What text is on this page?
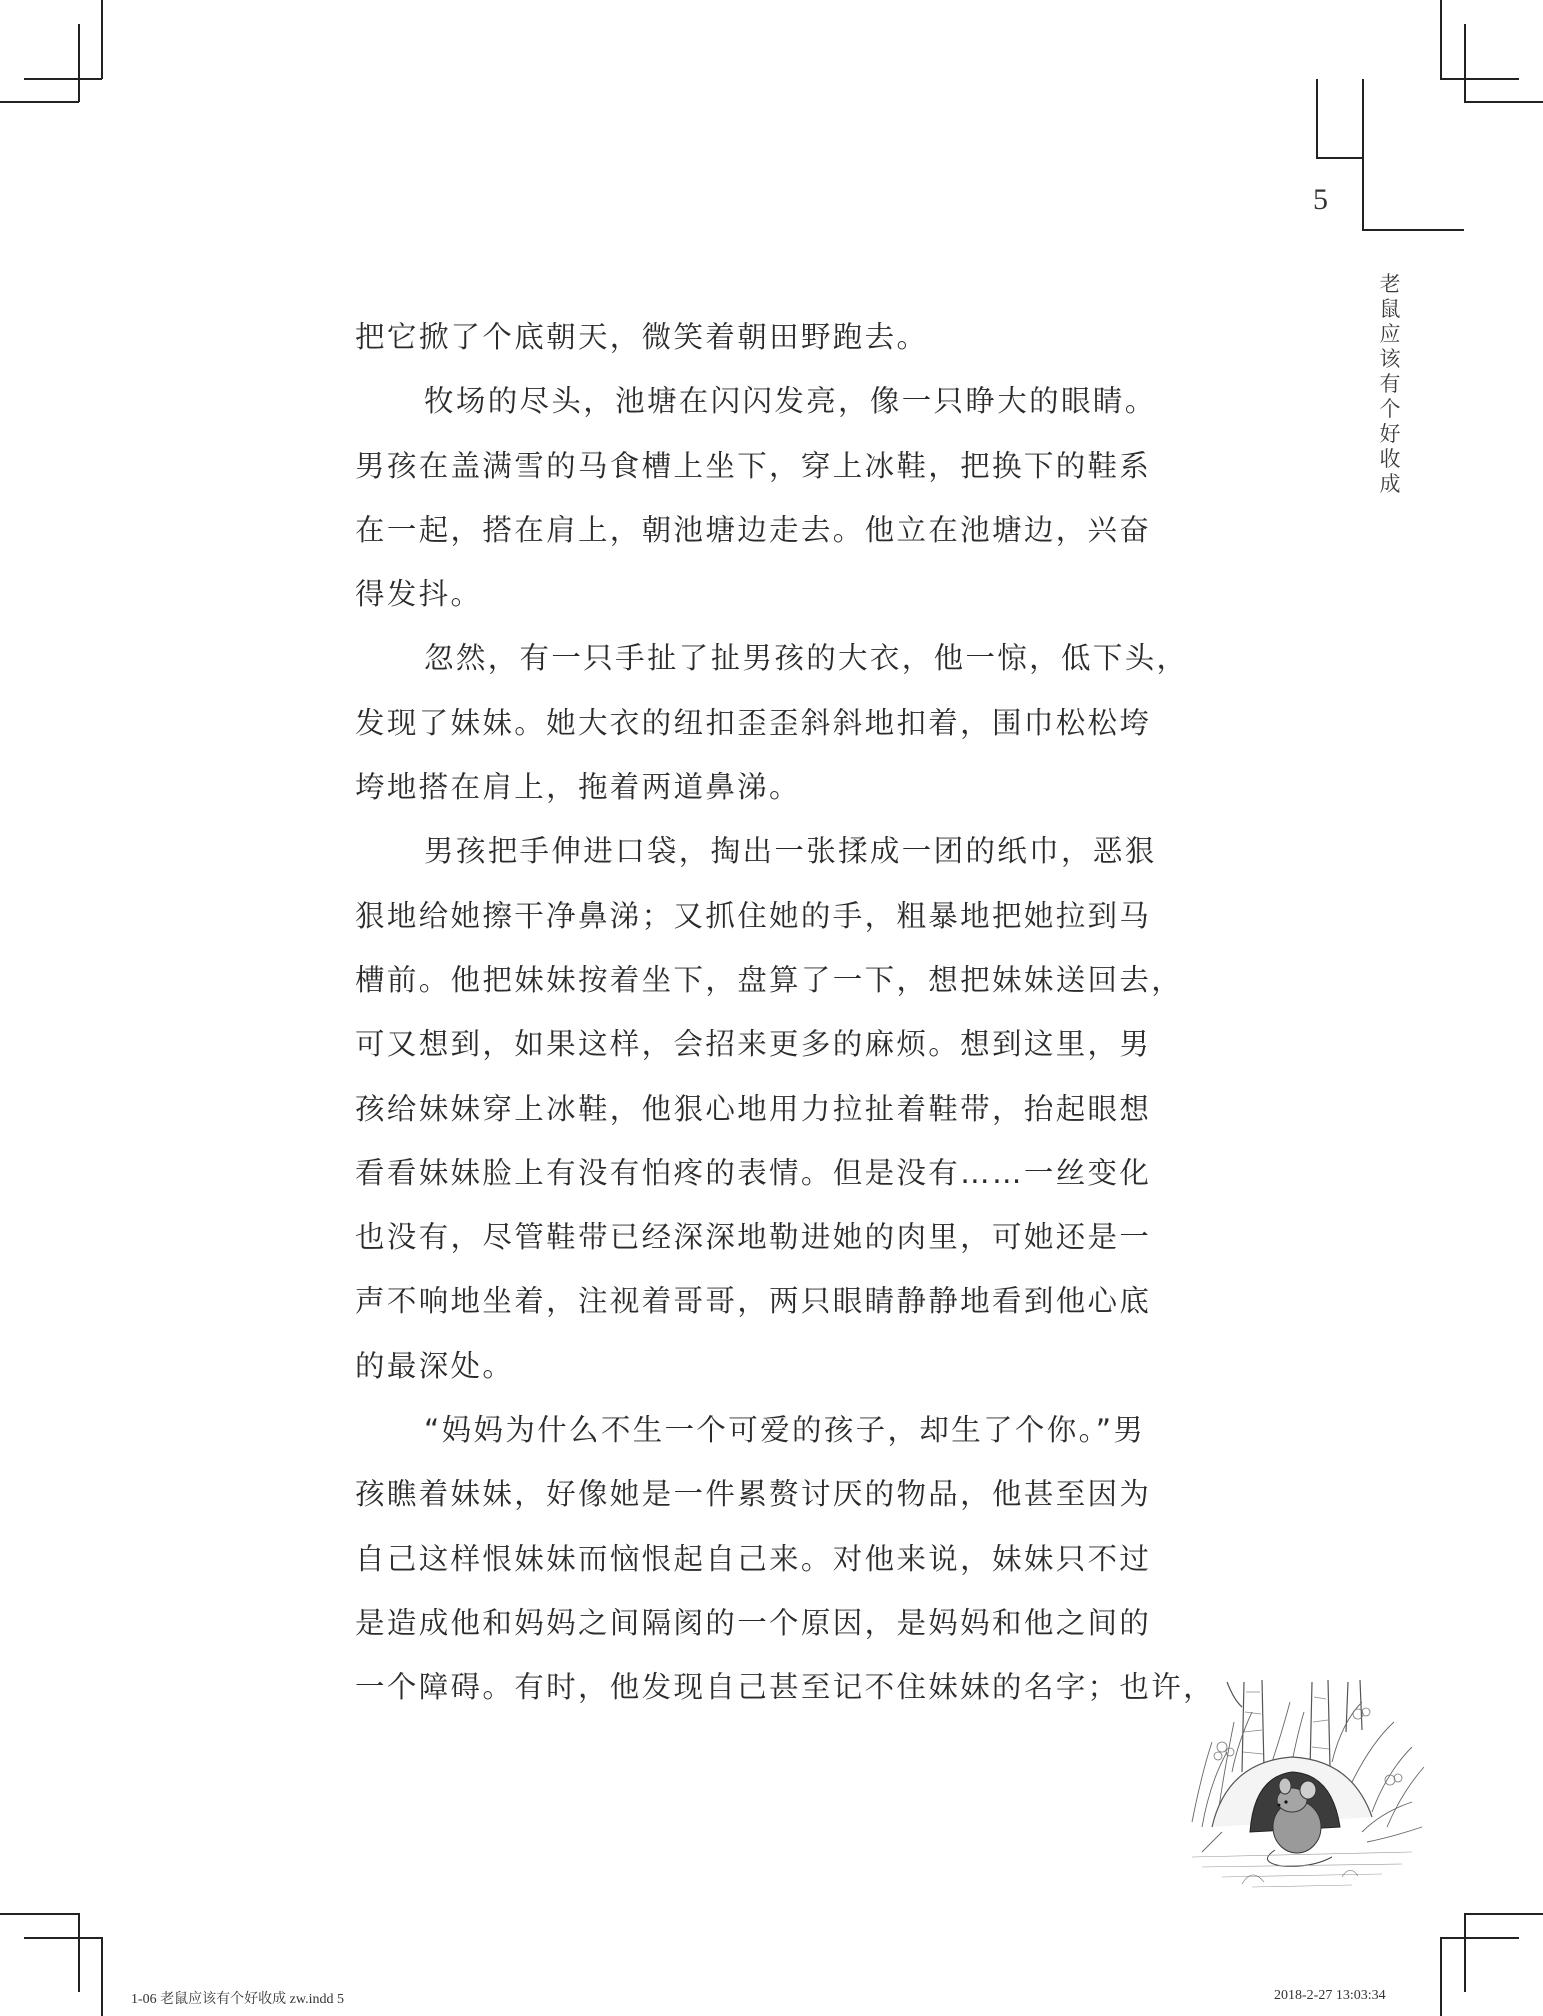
5
老鼠应该有个好收成
把它掀了个底朝天，微笑着朝田野跑去。
牧场的尽头，池塘在闪闪发亮，像一只睁大的眼睛。
男孩在盖满雪的马食槽上坐下，穿上冰鞋，把换下的鞋系
在一起，搭在肩上，朝池塘边走去。他立在池塘边，兴奋
得发抖。
忽然，有一只手扯了扯男孩的大衣，他一惊，低下头，
发现了妹妹。她大衣的纽扣歪歪斜斜地扣着，围巾松松垮
垮地搭在肩上，拖着两道鼻涕。
男孩把手伸进口袋，掏出一张揉成一团的纸巾，恶狠
狠地给她擦干净鼻涕；又抓住她的手，粗暴地把她拉到马
槽前。他把妹妹按着坐下，盘算了一下，想把妹妹送回去，
可又想到，如果这样，会招来更多的麻烦。想到这里，男
孩给妹妹穿上冰鞋，他狠心地用力拉扯着鞋带，抬起眼想
看看妹妹脸上有没有怕疼的表情。但是没有……一丝变化
也没有，尽管鞋带已经深深地勒进她的肉里，可她还是一
声不响地坐着，注视着哥哥，两只眼睛静静地看到他心底
的最深处。
“妈妈为什么不生一个可爱的孩子，却生了个你。”男
孩瞧着妹妹，好像她是一件累赘讨厌的物品，他甚至因为
自己这样恨妹妹而恼恨起自己来。对他来说，妹妹只不过
是造成他和妈妈之间隔阂的一个原因，是妈妈和他之间的
一个障碍。有时，他发现自己甚至记不住妹妹的名字；也许，
1-06 老鼠应该有个好收成 zw.indd 5	2018-2-27 13:03:34
